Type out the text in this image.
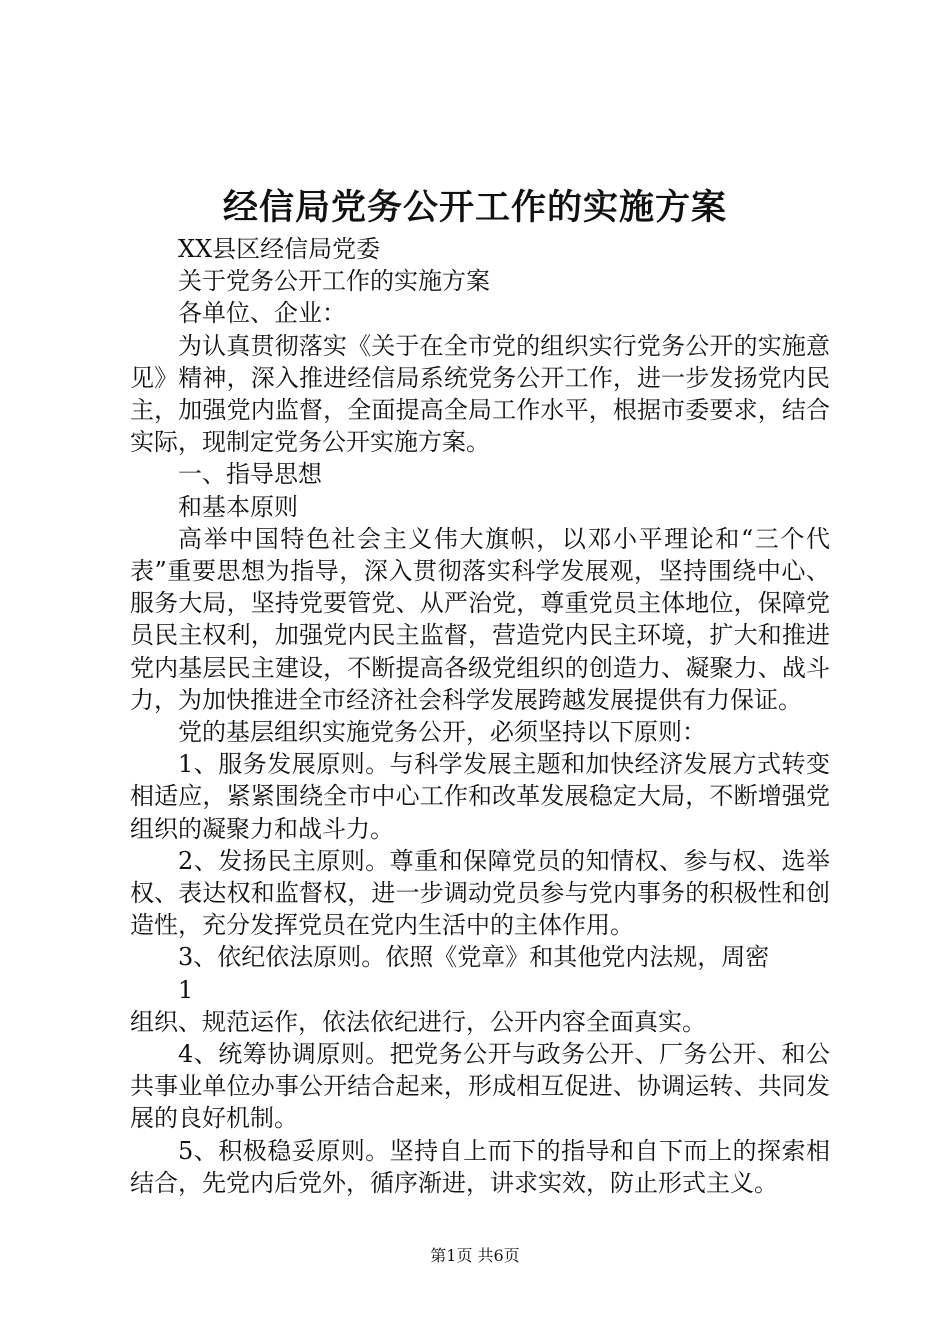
经信局党务公开工作的实施方案

XX县区经信局党委

关于党务公开工作的实施方案

各单位、企业：

为认真贯彻落实《关于在全市党的组织实行党务公开的实施意见》精神，深入推进经信局系统党务公开工作，进一步发扬党内民主，加强党内监督，全面提高全局工作水平，根据市委要求，结合实际，现制定党务公开实施方案。

一、指导思想

和基本原则

高举中国特色社会主义伟大旗帜，以邓小平理论和“三个代表”重要思想为指导，深入贯彻落实科学发展观，坚持围绕中心、服务大局，坚持党要管党、从严治党，尊重党员主体地位，保障党员民主权利，加强党内民主监督，营造党内民主环境，扩大和推进党内基层民主建设，不断提高各级党组织的创造力、凝聚力、战斗力，为加快推进全市经济社会科学发展跨越发展提供有力保证。

党的基层组织实施党务公开，必须坚持以下原则：

1、服务发展原则。与科学发展主题和加快经济发展方式转变相适应，紧紧围绕全市中心工作和改革发展稳定大局，不断增强党组织的凝聚力和战斗力。

2、发扬民主原则。尊重和保障党员的知情权、参与权、选举权、表达权和监督权，进一步调动党员参与党内事务的积极性和创造性，充分发挥党员在党内生活中的主体作用。

3、依纪依法原则。依照《党章》和其他党内法规，周密

1

组织、规范运作，依法依纪进行，公开内容全面真实。

4、统筹协调原则。把党务公开与政务公开、厂务公开、和公共事业单位办事公开结合起来，形成相互促进、协调运转、共同发展的良好机制。

5、积极稳妥原则。坚持自上而下的指导和自下而上的探索相结合，先党内后党外，循序渐进，讲求实效，防止形式主义。

第1页 共6页
